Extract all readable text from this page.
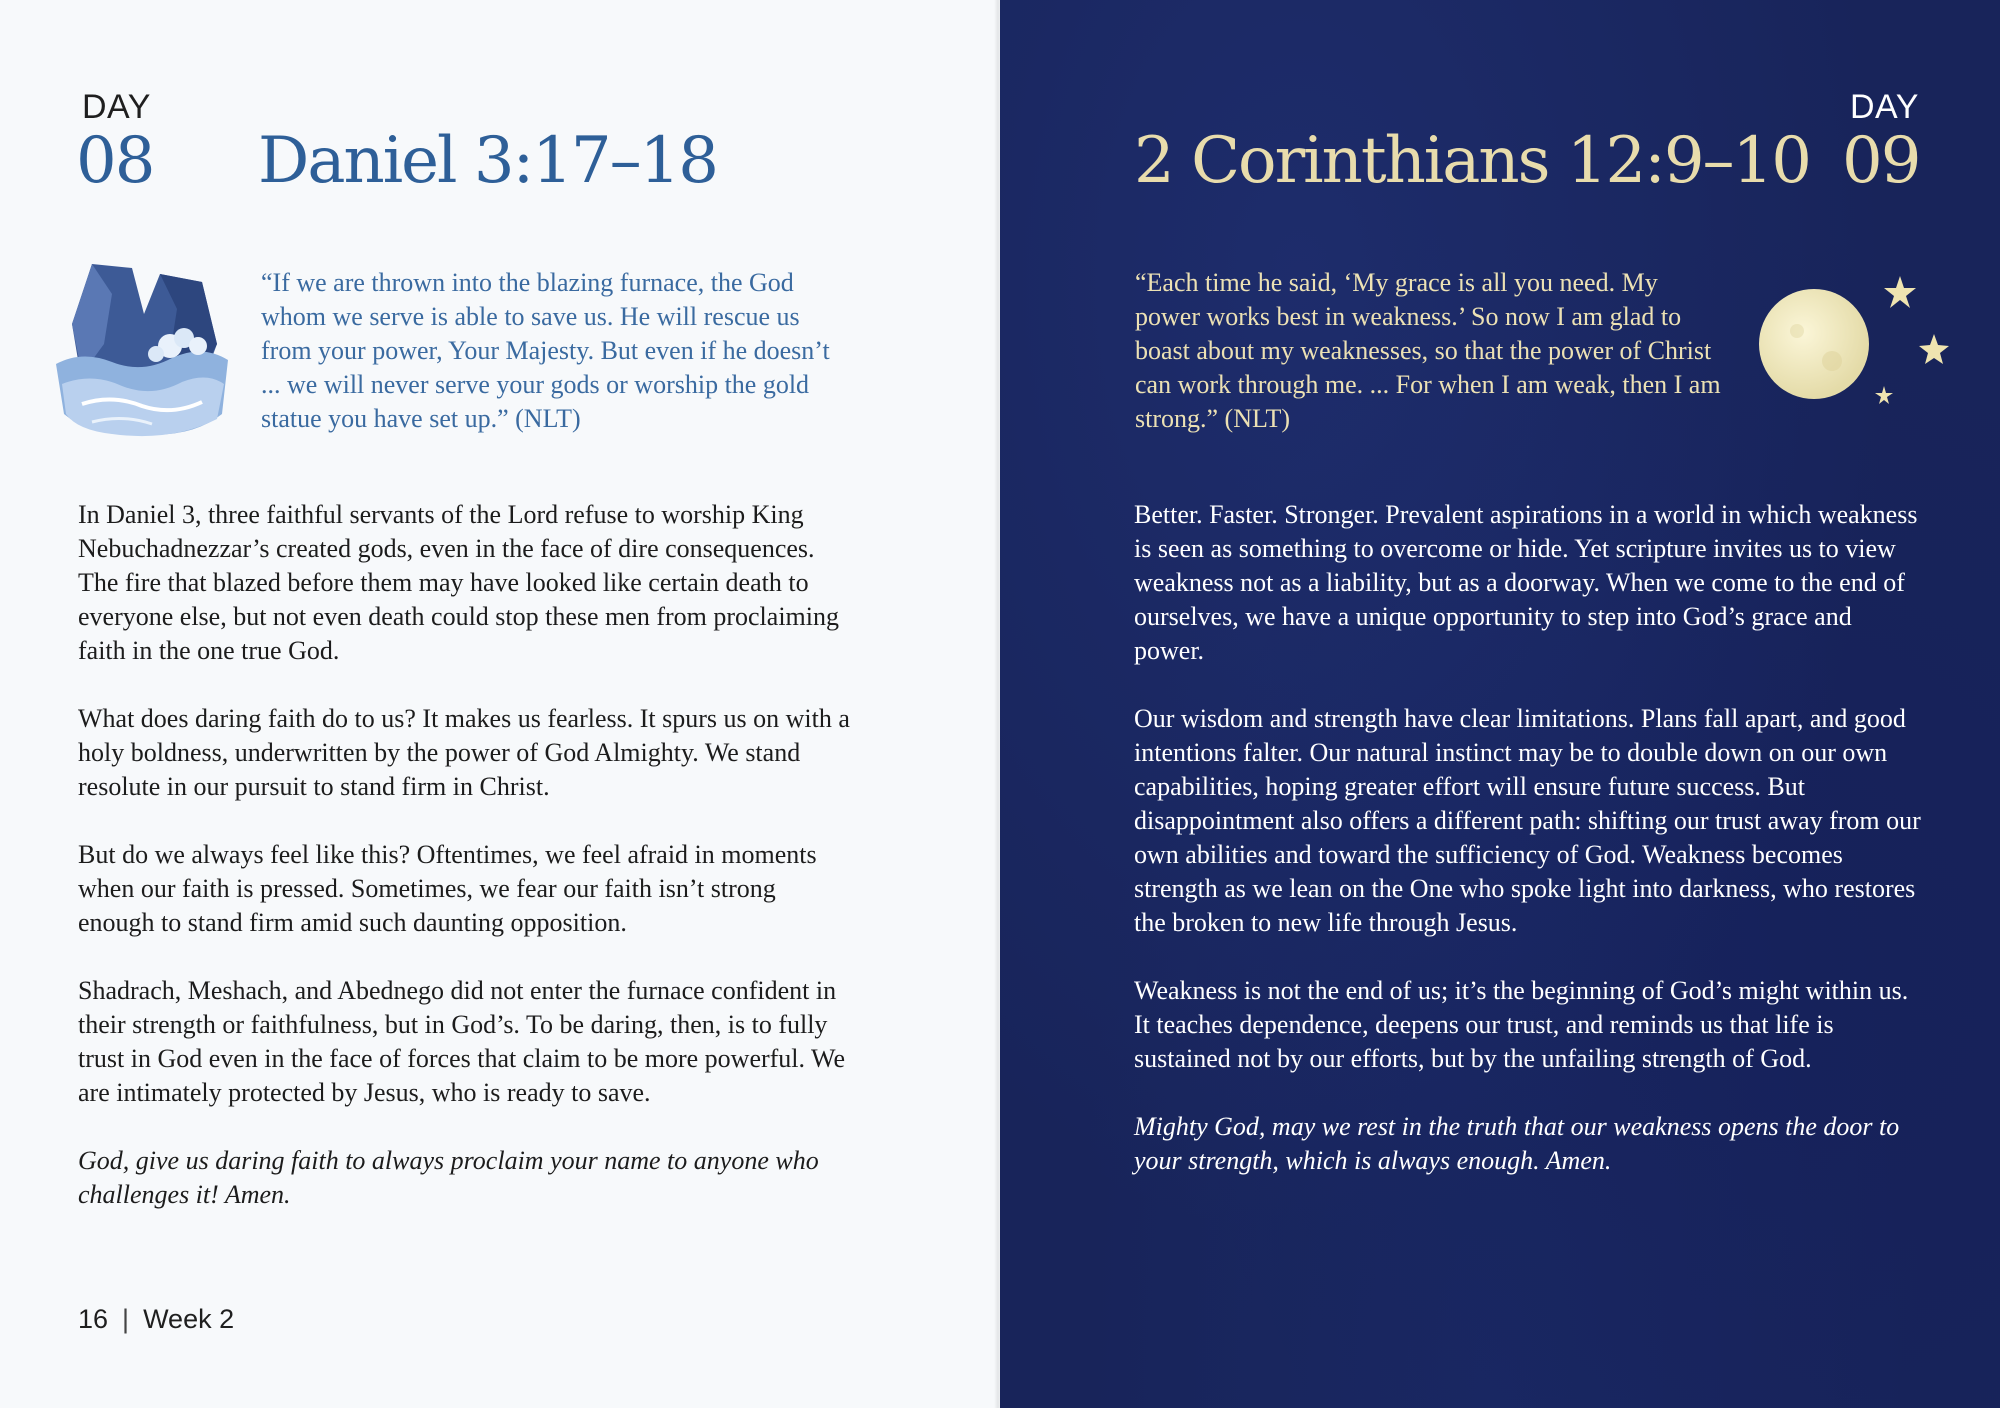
DAY
08 Daniel 3:17–18
“If we are thrown into the blazing furnace, the God whom we serve is able to save us. He will rescue us from your power, Your Majesty. But even if he doesn’t ... we will never serve your gods or worship the gold statue you have set up.” (NLT)

In Daniel 3, three faithful servants of the Lord refuse to worship King Nebuchadnezzar’s created gods, even in the face of dire consequences. The fire that blazed before them may have looked like certain death to everyone else, but not even death could stop these men from proclaiming faith in the one true God.

What does daring faith do to us? It makes us fearless. It spurs us on with a holy boldness, underwritten by the power of God Almighty. We stand resolute in our pursuit to stand firm in Christ.

But do we always feel like this? Oftentimes, we feel afraid in moments when our faith is pressed. Sometimes, we fear our faith isn’t strong enough to stand firm amid such daunting opposition.

Shadrach, Meshach, and Abednego did not enter the furnace confident in their strength or faithfulness, but in God’s. To be daring, then, is to fully trust in God even in the face of forces that claim to be more powerful. We are intimately protected by Jesus, who is ready to save.

God, give us daring faith to always proclaim your name to anyone who challenges it! Amen.

16 | Week 2
DAY
09
2 Corinthians 12:9–10
“Each time he said, ‘My grace is all you need. My power works best in weakness.’ So now I am glad to boast about my weaknesses, so that the power of Christ can work through me. ... For when I am weak, then I am strong.” (NLT)

Better. Faster. Stronger. Prevalent aspirations in a world in which weakness is seen as something to overcome or hide. Yet scripture invites us to view weakness not as a liability, but as a doorway. When we come to the end of ourselves, we have a unique opportunity to step into God’s grace and power.

Our wisdom and strength have clear limitations. Plans fall apart, and good intentions falter. Our natural instinct may be to double down on our own capabilities, hoping greater effort will ensure future success. But disappointment also offers a different path: shifting our trust away from our own abilities and toward the sufficiency of God. Weakness becomes strength as we lean on the One who spoke light into darkness, who restores the broken to new life through Jesus.

Weakness is not the end of us; it’s the beginning of God’s might within us. It teaches dependence, deepens our trust, and reminds us that life is sustained not by our efforts, but by the unfailing strength of God.

Mighty God, may we rest in the truth that our weakness opens the door to your strength, which is always enough. Amen.
